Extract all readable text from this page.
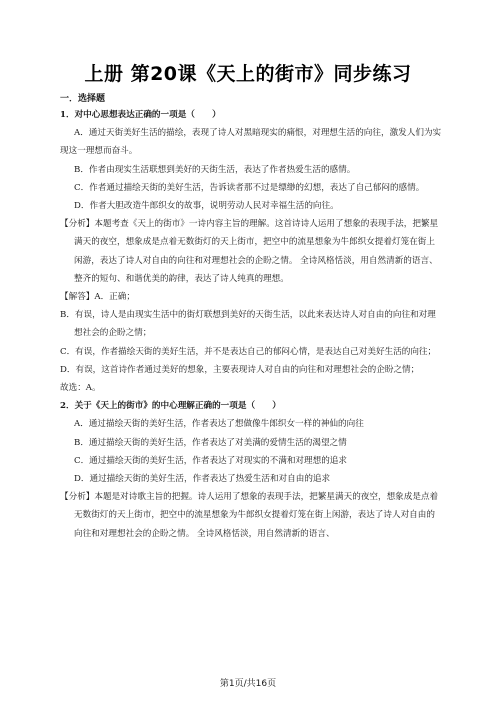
上册 第20课《天上的街市》同步练习
一．选择题

1．对中心思想表达正确的一项是（　　）

A．通过天街美好生活的描绘，表现了诗人对黑暗现实的痛恨，对理想生活的向往，激发人们为实现这一理想而奋斗。

B．作者由现实生活联想到美好的天街生活，表达了作者热爱生活的感情。

C．作者通过描绘天街的美好生活，告诉读者那不过是缥缈的幻想，表达了自己郁闷的感情。

D．作者大胆改造牛郎织女的故事，说明劳动人民对幸福生活的向往。

【分析】本题考查《天上的街市》一诗内容主旨的理解。这首诗诗人运用了想象的表现手法，把繁星满天的夜空，想象成是点着无数街灯的天上街市，把空中的流星想象为牛郎织女提着灯笼在街上闲游，表达了诗人对自由的向往和对理想社会的企盼之情。 全诗风格恬淡，用自然清新的语言、整齐的短句、和谐优美的韵律，表达了诗人纯真的理想。

【解答】A．正确；

B．有误，诗人是由现实生活中的街灯联想到美好的天街生活，以此来表达诗人对自由的向往和对理想社会的企盼之情；

C．有误，作者描绘天街的美好生活，并不是表达自己的郁闷心情，是表达自己对美好生活的向往；

D．有误，这首诗作者通过美好的想象，主要表现诗人对自由的向往和对理想社会的企盼之情；

故选：A。

2．关于《天上的街市》的中心理解正确的一项是（　　）

A．通过描绘天街的美好生活，作者表达了想做像牛郎织女一样的神仙的向往

B．通过描绘天街的美好生活，作者表达了对美满的爱情生活的渴望之情

C．通过描绘天街的美好生活，作者表达了对现实的不满和对理想的追求

D．通过描绘天街的美好生活，作者表达了热爱生活和对自由的追求

【分析】本题是对诗歌主旨的把握。诗人运用了想象的表现手法，把繁星满天的夜空，想象成是点着无数街灯的天上街市，把空中的流星想象为牛郎织女提着灯笼在街上闲游，表达了诗人对自由的向往和对理想社会的企盼之情。 全诗风格恬淡，用自然清新的语言、

第1页/共16页
